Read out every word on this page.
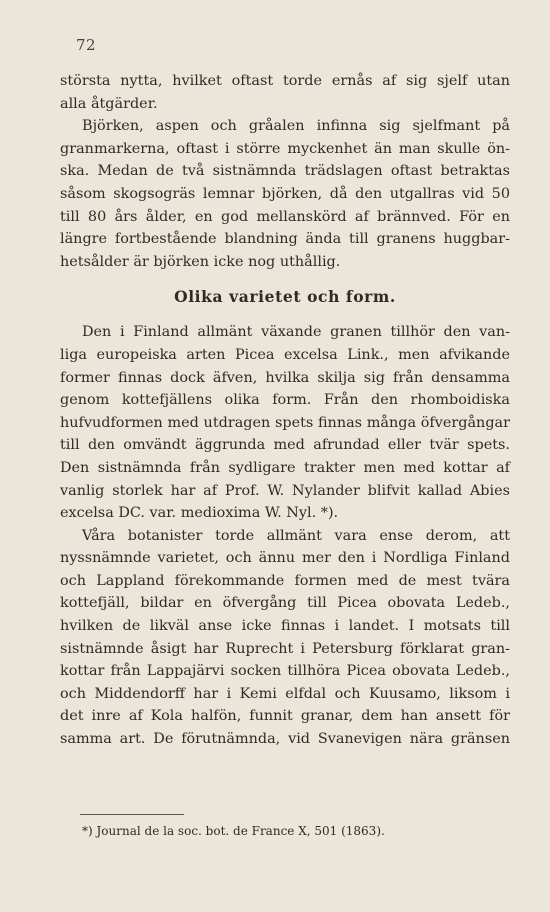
72
största nytta, hvilket oftast torde ernås af sig sjelf utan
alla åtgärder.
Björken, aspen och gråalen infinna sig sjelfmant på
granmarkerna, oftast i större myckenhet än man skulle ön-
ska. Medan de två sistnämnda trädslagen oftast betraktas
såsom skogsogräs lemnar björken, då den utgallras vid 50
till 80 års ålder, en god mellanskörd af brännved. För en
längre fortbestående blandning ända till granens huggbar-
hetsålder är björken icke nog uthållig.
Olika varietet och form.
Den i Finland allmänt växande granen tillhör den van-
liga europeiska arten Picea excelsa Link., men afvikande
former finnas dock äfven, hvilka skilja sig från densamma
genom kottefjällens olika form. Från den rhomboidiska
hufvudformen med utdragen spets finnas många öfvergångar
till den omvändt äggrunda med afrundad eller tvär spets.
Den sistnämnda från sydligare trakter men med kottar af
vanlig storlek har af Prof. W. Nylander blifvit kallad Abies
excelsa DC. var. medioxima W. Nyl. *).
Våra botanister torde allmänt vara ense derom, att
nyssnämnde varietet, och ännu mer den i Nordliga Finland
och Lappland förekommande formen med de mest tvära
kottefjäll, bildar en öfvergång till Picea obovata Ledeb.,
hvilken de likväl anse icke finnas i landet. I motsats till
sistnämnde åsigt har Ruprecht i Petersburg förklarat gran-
kottar från Lappajärvi socken tillhöra Picea obovata Ledeb.,
och Middendorff har i Kemi elfdal och Kuusamo, liksom i
det inre af Kola halfön, funnit granar, dem han ansett för
samma art. De förutnämnda, vid Svanevigen nära gränsen
*) Journal de la soc. bot. de France X, 501 (1863).
